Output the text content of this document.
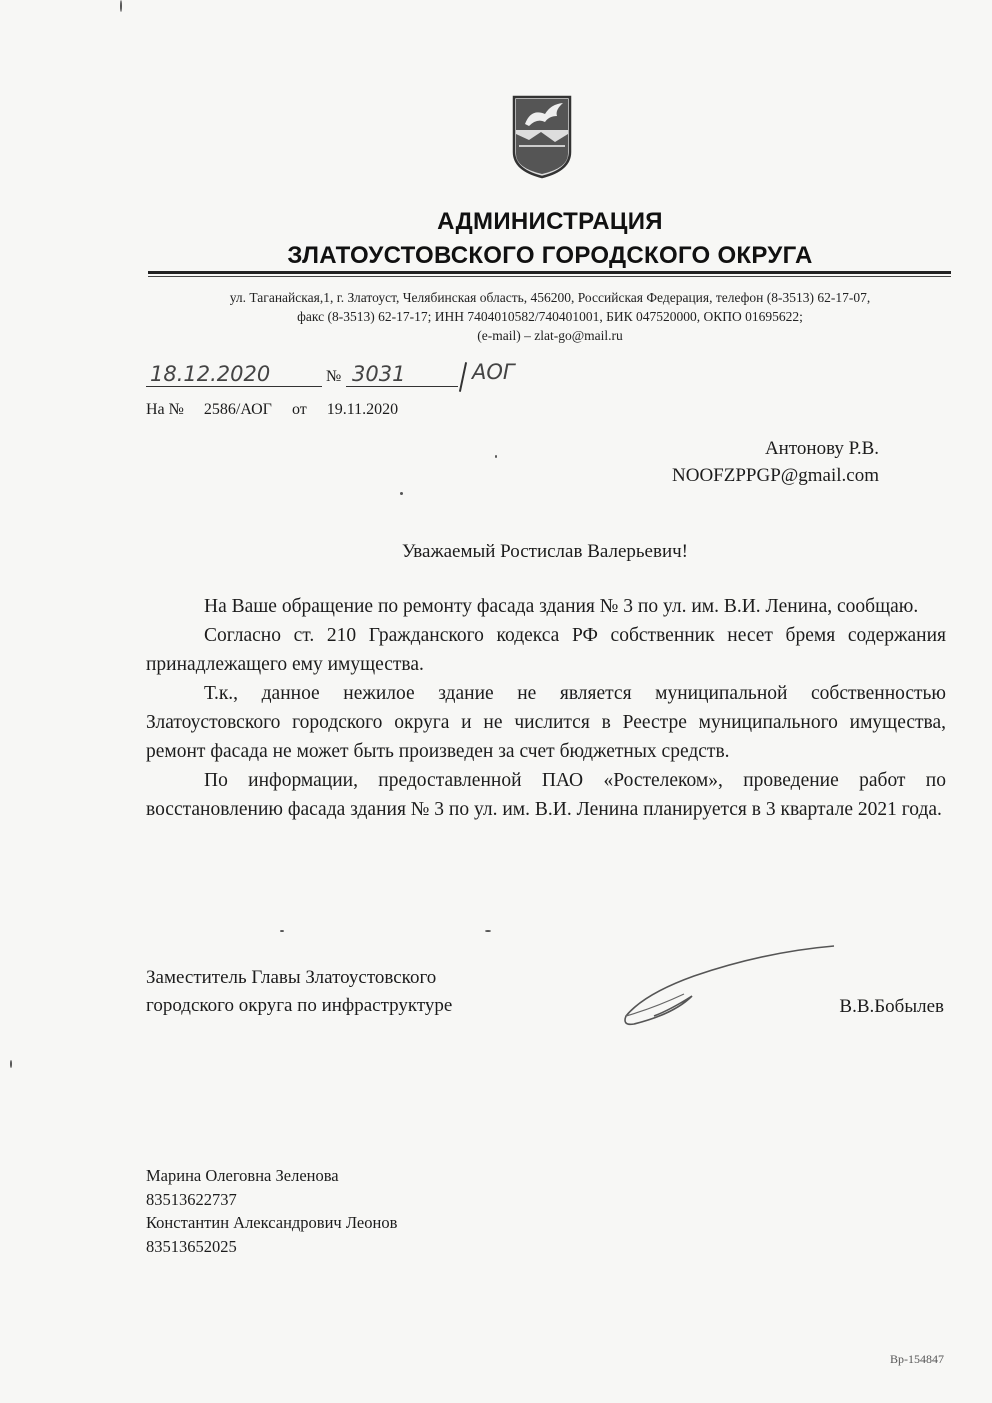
АДМИНИСТРАЦИЯ
ЗЛАТОУСТОВСКОГО ГОРОДСКОГО ОКРУГА
ул. Таганайская,1, г. Златоуст, Челябинская область, 456200, Российская Федерация, телефон (8-3513) 62-17-07,
факс (8-3513) 62-17-17; ИНН 7404010582/740401001, БИК 047520000, ОКПО 01695622;
(e-mail) – zlat-go@mail.ru
18.12.2020	№ 3031	АОГ
На № 2586/АОГ от 19.11.2020
Антонову Р.В.
NOOFZPPGP@gmail.com
Уважаемый Ростислав Валерьевич!

На Ваше обращение по ремонту фасада здания № 3 по ул. им. В.И. Ленина, сообщаю.

Согласно ст. 210 Гражданского кодекса РФ собственник несет бремя содержания принадлежащего ему имущества.

Т.к., данное нежилое здание не является муниципальной собственностью Златоустовского городского округа и не числится в Реестре муниципального имущества, ремонт фасада не может быть произведен за счет бюджетных средств.

По информации, предоставленной ПАО «Ростелеком», проведение работ по восстановлению фасада здания № 3 по ул. им. В.И. Ленина планируется в 3 квартале 2021 года.

Заместитель Главы Златоустовского
городского округа по инфраструктуре	В.В.Бобылев
Марина Олеговна Зеленова
83513622737
Константин Александрович Леонов
83513652025
Вр-154847
